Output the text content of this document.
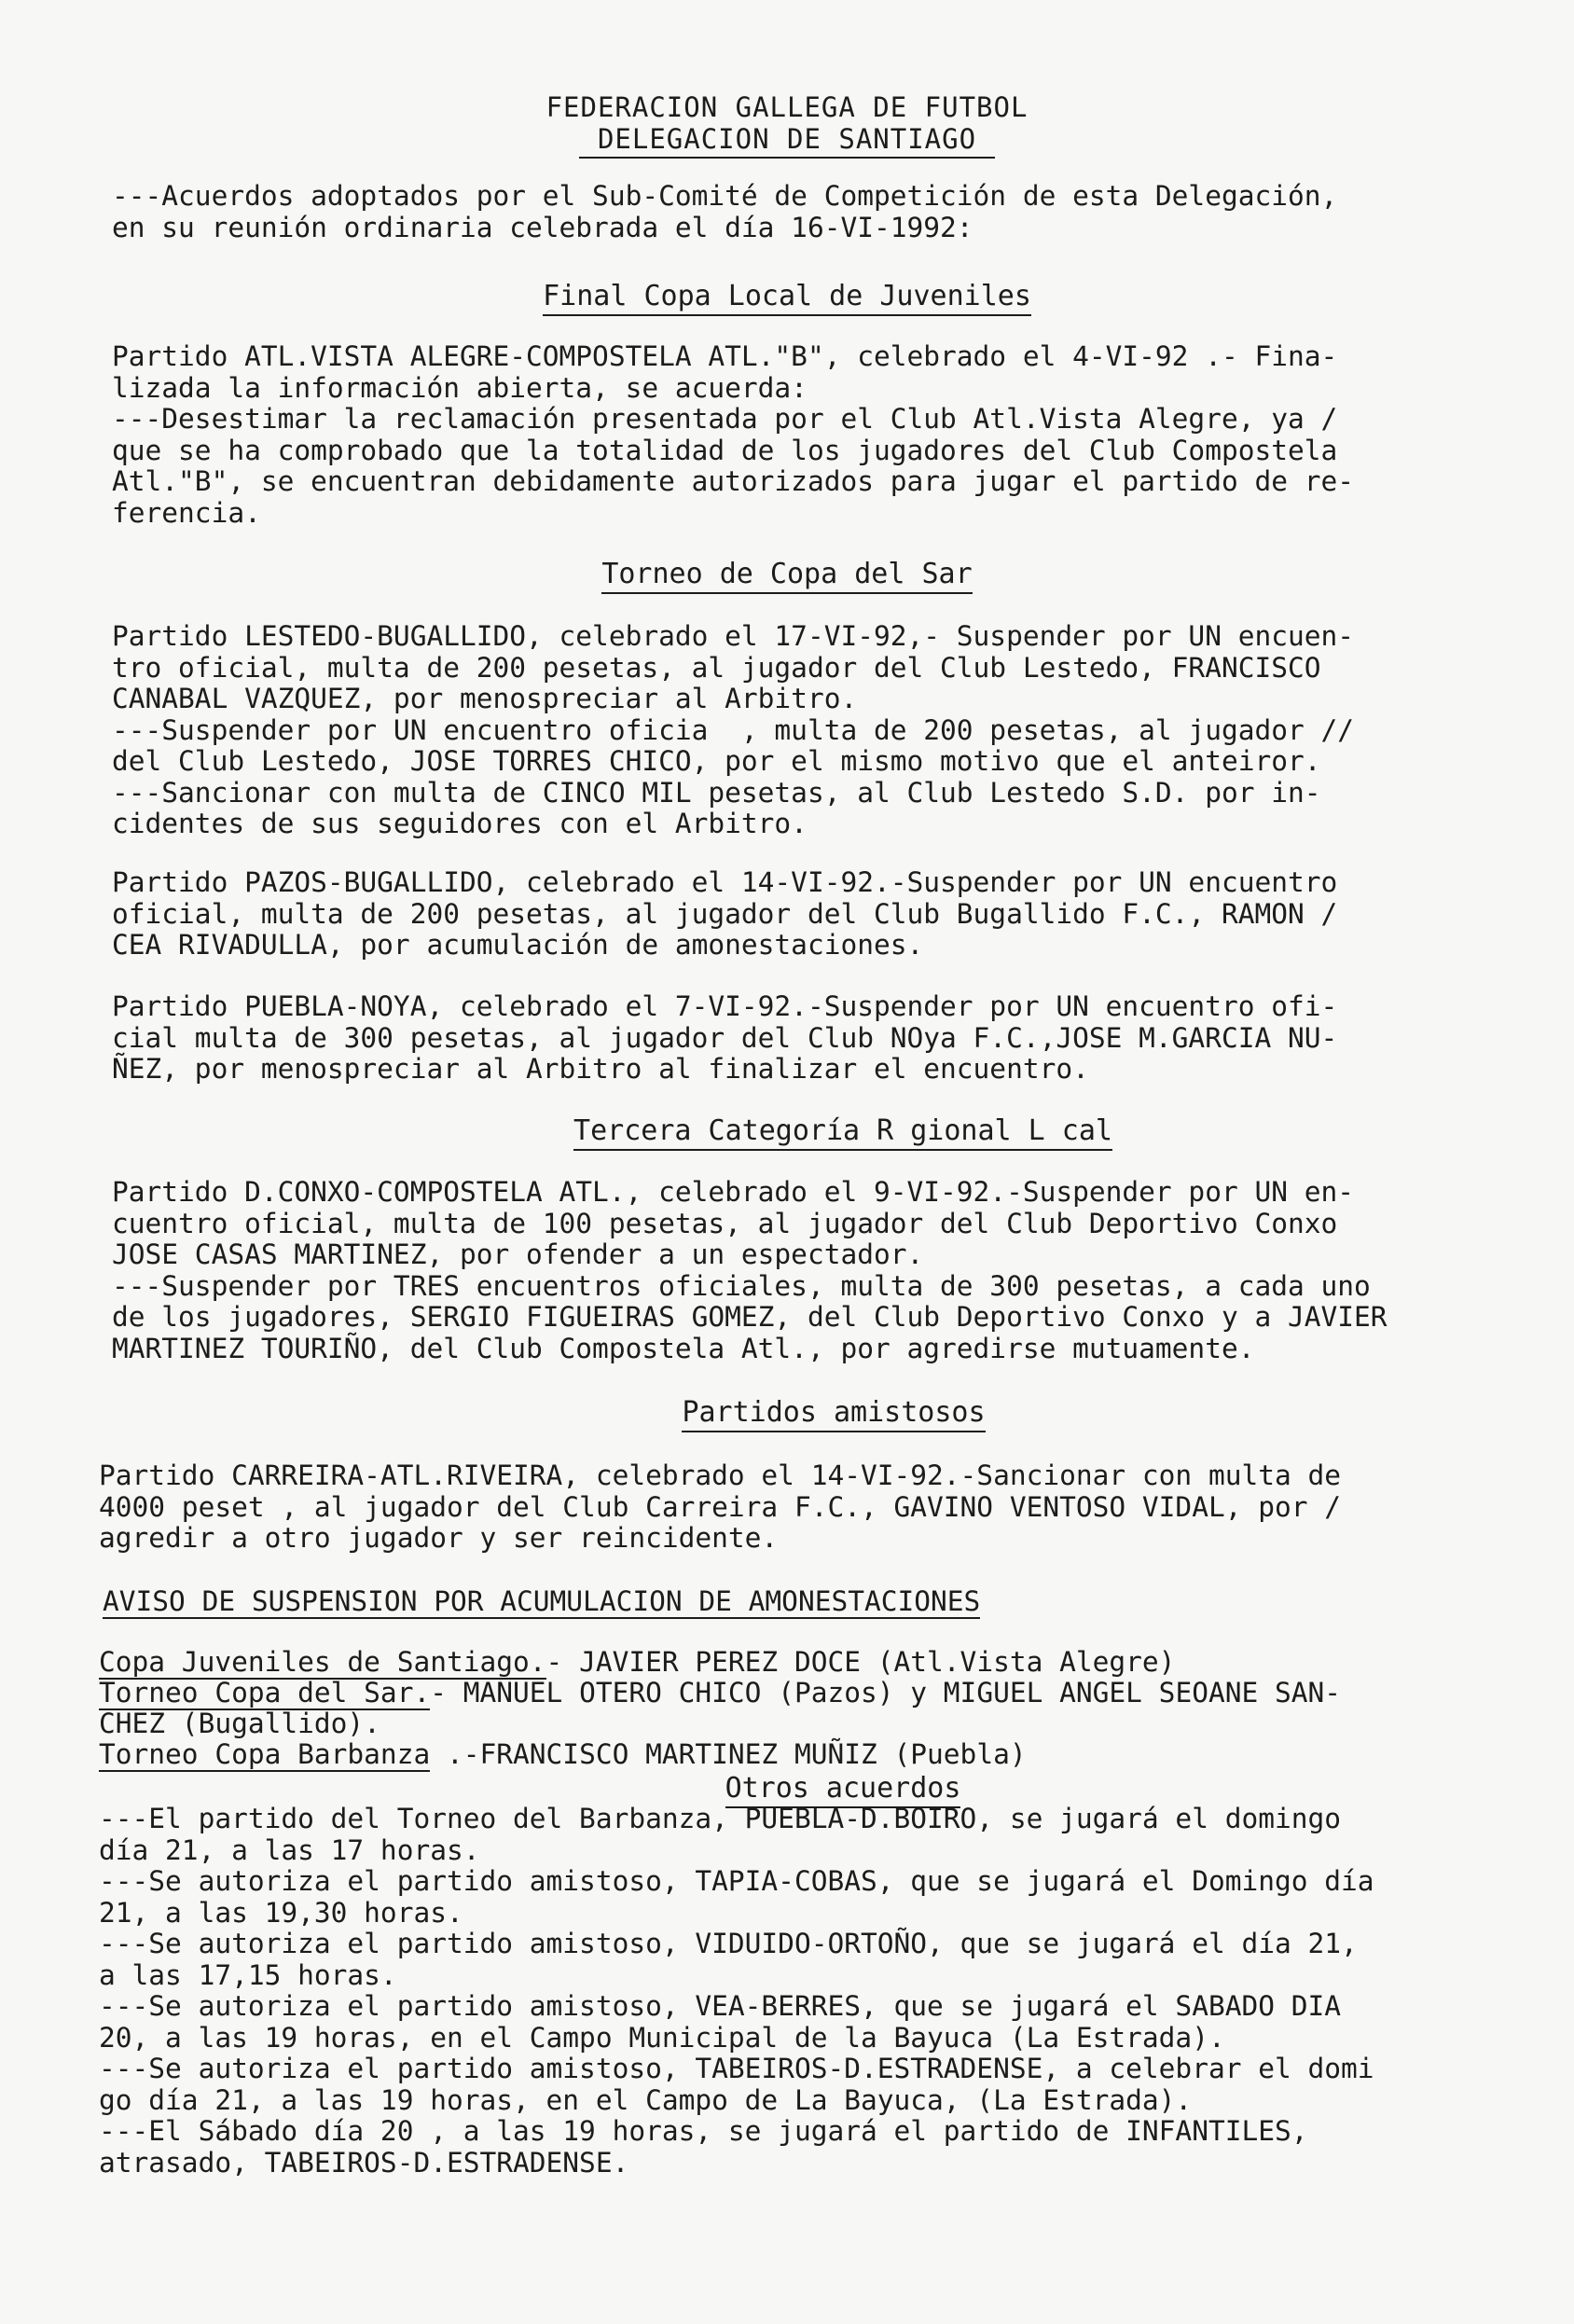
FEDERACION GALLEGA DE FUTBOL
DELEGACION DE SANTIAGO
---Acuerdos adoptados por el Sub-Comité de Competición de esta Delegación,
en su reunión ordinaria celebrada el día 16-VI-1992:
Final Copa Local de Juveniles
Partido ATL.VISTA ALEGRE-COMPOSTELA ATL."B", celebrado el 4-VI-92 .- Fina-
lizada la información abierta, se acuerda:
---Desestimar la reclamación presentada por el Club Atl.Vista Alegre, ya /
que se ha comprobado que la totalidad de los jugadores del Club Compostela
Atl."B", se encuentran debidamente autorizados para jugar el partido de re-
ferencia.
Torneo de Copa del Sar
Partido LESTEDO-BUGALLIDO, celebrado el 17-VI-92,- Suspender por UN encuen-
tro oficial, multa de 200 pesetas, al jugador del Club Lestedo, FRANCISCO
CANABAL VAZQUEZ, por menospreciar al Arbitro.
---Suspender por UN encuentro oficia  , multa de 200 pesetas, al jugador //
del Club Lestedo, JOSE TORRES CHICO, por el mismo motivo que el anteiror.
---Sancionar con multa de CINCO MIL pesetas, al Club Lestedo S.D. por in-
cidentes de sus seguidores con el Arbitro.
Partido PAZOS-BUGALLIDO, celebrado el 14-VI-92.-Suspender por UN encuentro
oficial, multa de 200 pesetas, al jugador del Club Bugallido F.C., RAMON /
CEA RIVADULLA, por acumulación de amonestaciones.
Partido PUEBLA-NOYA, celebrado el 7-VI-92.-Suspender por UN encuentro ofi-
cial multa de 300 pesetas, al jugador del Club NOya F.C.,JOSE M.GARCIA NU-
ÑEZ, por menospreciar al Arbitro al finalizar el encuentro.
Tercera Categoría R gional L cal
Partido D.CONXO-COMPOSTELA ATL., celebrado el 9-VI-92.-Suspender por UN en-
cuentro oficial, multa de 100 pesetas, al jugador del Club Deportivo Conxo
JOSE CASAS MARTINEZ, por ofender a un espectador.
---Suspender por TRES encuentros oficiales, multa de 300 pesetas, a cada uno
de los jugadores, SERGIO FIGUEIRAS GOMEZ, del Club Deportivo Conxo y a JAVIER
MARTINEZ TOURIÑO, del Club Compostela Atl., por agredirse mutuamente.
Partidos amistosos
Partido CARREIRA-ATL.RIVEIRA, celebrado el 14-VI-92.-Sancionar con multa de
4000 peset , al jugador del Club Carreira F.C., GAVINO VENTOSO VIDAL, por /
agredir a otro jugador y ser reincidente.
AVISO DE SUSPENSION POR ACUMULACION DE AMONESTACIONES
Copa Juveniles de Santiago.- JAVIER PEREZ DOCE (Atl.Vista Alegre)
Torneo Copa del Sar.- MANUEL OTERO CHICO (Pazos) y MIGUEL ANGEL SEOANE SAN-
CHEZ (Bugallido).
Torneo Copa Barbanza .-FRANCISCO MARTINEZ MUÑIZ (Puebla)
Otros acuerdos
---El partido del Torneo del Barbanza, PUEBLA-D.BOIRO, se jugará el domingo
día 21, a las 17 horas.
---Se autoriza el partido amistoso, TAPIA-COBAS, que se jugará el Domingo día
21, a las 19,30 horas.
---Se autoriza el partido amistoso, VIDUIDO-ORTOÑO, que se jugará el día 21,
a las 17,15 horas.
---Se autoriza el partido amistoso, VEA-BERRES, que se jugará el SABADO DIA
20, a las 19 horas, en el Campo Municipal de la Bayuca (La Estrada).
---Se autoriza el partido amistoso, TABEIROS-D.ESTRADENSE, a celebrar el domi
go día 21, a las 19 horas, en el Campo de La Bayuca, (La Estrada).
---El Sábado día 20 , a las 19 horas, se jugará el partido de INFANTILES,
atrasado, TABEIROS-D.ESTRADENSE.
